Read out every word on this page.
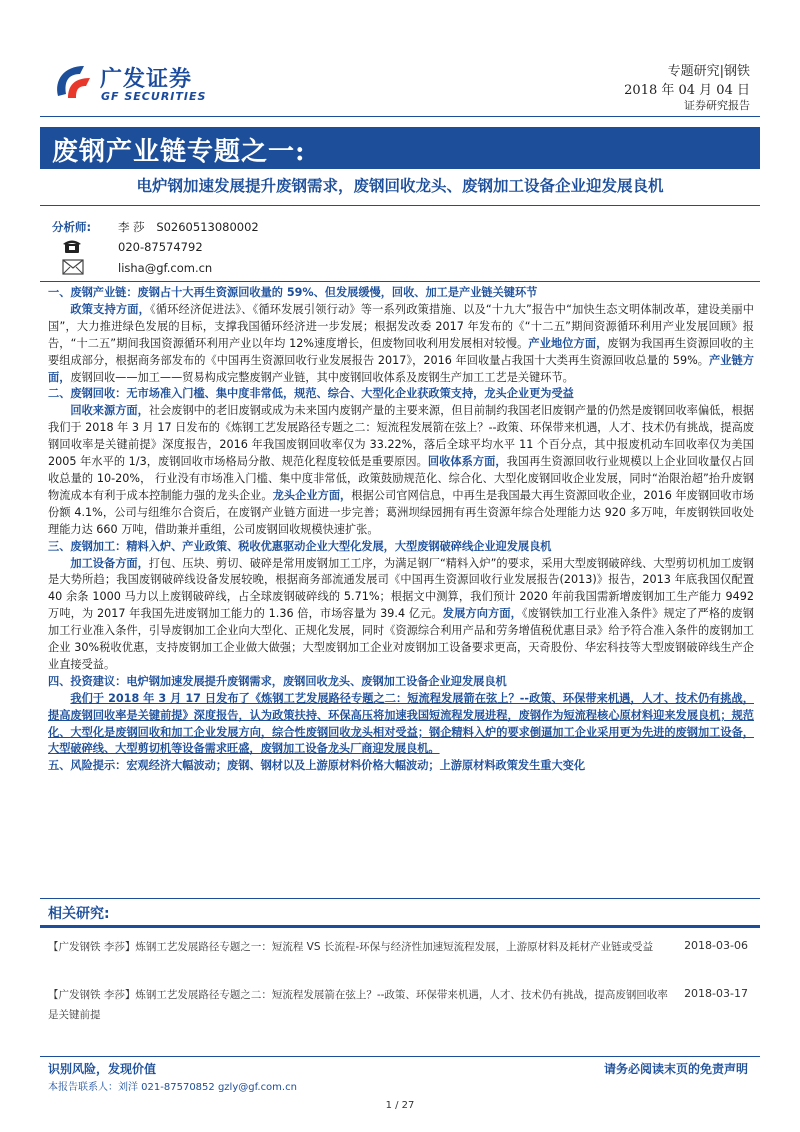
广发证券
GF SECURITIES
专题研究|钢铁
2018 年 04 月 04 日
证券研究报告
废钢产业链专题之一:
电炉钢加速发展提升废钢需求，废钢回收龙头、废钢加工设备企业迎发展良机
分析师: 李 莎 S0260513080002
020-87574792
lisha@gf.com.cn

一、废钢产业链：废钢占十大再生资源回收量的 59%、但发展缓慢，回收、加工是产业链关键环节

政策支持方面，《循环经济促进法》、《循环发展引领行动》等一系列政策措施、以及“十九大”报告中“加快生态文明体制改革，建设美丽中国”，大力推进绿色发展的目标，支撑我国循环经济进一步发展；根据发改委 2017 年发布的《“十二五”期间资源循环利用产业发展回顾》报告，“十二五”期间我国资源循环利用产业以年均 12%速度增长，但废物回收利用发展相对较慢。产业地位方面，废钢为我国再生资源回收的主要组成部分，根据商务部发布的《中国再生资源回收行业发展报告 2017》，2016 年回收量占我国十大类再生资源回收总量的 59%。产业链方面，废钢回收——加工——贸易构成完整废钢产业链，其中废钢回收体系及废钢生产加工工艺是关键环节。

二、废钢回收：无市场准入门槛、集中度非常低，规范、综合、大型化企业获政策支持，龙头企业更为受益

回收来源方面，社会废钢中的老旧废钢或成为未来国内废钢产量的主要来源，但目前制约我国老旧废钢产量的仍然是废钢回收率偏低，根据我们于 2018 年 3 月 17 日发布的《炼钢工艺发展路径专题之二：短流程发展箭在弦上？--政策、环保带来机遇，人才、技术仍有挑战，提高废钢回收率是关键前提》深度报告，2016 年我国废钢回收率仅为 33.22%，落后全球平均水平 11 个百分点，其中报废机动车回收率仅为美国 2005 年水平的 1/3，废钢回收市场格局分散、规范化程度较低是重要原因。回收体系方面，我国再生资源回收行业规模以上企业回收量仅占回收总量的 10-20%， 行业没有市场准入门槛、集中度非常低，政策鼓励规范化、综合化、大型化废钢回收企业发展，同时“治限治超”抬升废钢物流成本有利于成本控制能力强的龙头企业。龙头企业方面，根据公司官网信息，中再生是我国最大再生资源回收企业，2016 年废钢回收市场份额 4.1%，公司与纽维尔合资后，在废钢产业链方面进一步完善；葛洲坝绿园拥有再生资源年综合处理能力达 920 多万吨，年废钢铁回收处理能力达 660 万吨，借助兼并重组，公司废钢回收规模快速扩张。

三、废钢加工：精料入炉、产业政策、税收优惠驱动企业大型化发展，大型废钢破碎线企业迎发展良机

加工设备方面，打包、压块、剪切、破碎是常用废钢加工工序，为满足钢厂“精料入炉”的要求，采用大型废钢破碎线、大型剪切机加工废钢是大势所趋；我国废钢破碎线设备发展较晚，根据商务部流通发展司《中国再生资源回收行业发展报告(2013)》报告，2013 年底我国仅配置 40 余条 1000 马力以上废钢破碎线，占全球废钢破碎线的 5.71%；根据文中测算，我们预计 2020 年前我国需新增废钢加工生产能力 9492 万吨，为 2017 年我国先进废钢加工能力的 1.36 倍，市场容量为 39.4 亿元。发展方向方面，《废钢铁加工行业准入条件》规定了严格的废钢加工行业准入条件，引导废钢加工企业向大型化、正规化发展，同时《资源综合利用产品和劳务增值税优惠目录》给予符合准入条件的废钢加工企业 30%税收优惠，支持废钢加工企业做大做强；大型废钢加工企业对废钢加工设备要求更高，天奇股份、华宏科技等大型废钢破碎线生产企业直接受益。

四、投资建议：电炉钢加速发展提升废钢需求，废钢回收龙头、废钢加工设备企业迎发展良机

我们于 2018 年 3 月 17 日发布了《炼钢工艺发展路径专题之二：短流程发展箭在弦上？--政策、环保带来机遇，人才、技术仍有挑战，提高废钢回收率是关键前提》深度报告，认为政策扶持、环保高压将加速我国短流程发展进程，废钢作为短流程核心原材料迎来发展良机；规范化、大型化是废钢回收和加工企业发展方向，综合性废钢回收龙头相对受益；钢企精料入炉的要求倒逼加工企业采用更为先进的废钢加工设备，大型破碎线、大型剪切机等设备需求旺盛，废钢加工设备龙头厂商迎发展良机。

五、风险提示：宏观经济大幅波动；废钢、钢材以及上游原材料价格大幅波动；上游原材料政策发生重大变化

相关研究:
【广发钢铁 李莎】炼钢工艺发展路径专题之一：短流程 VS 长流程-环保与经济性加速短流程发展，上游原材料及耗材产业链或受益	2018-03-06
【广发钢铁 李莎】炼钢工艺发展路径专题之二：短流程发展箭在弦上？--政策、环保带来机遇，人才、技术仍有挑战，提高废钢回收率是关键前提
2018-03-17
识别风险，发现价值	请务必阅读末页的免责声明
本报告联系人：刘洋 021-87570852 gzly@gf.com.cn
1 / 27
